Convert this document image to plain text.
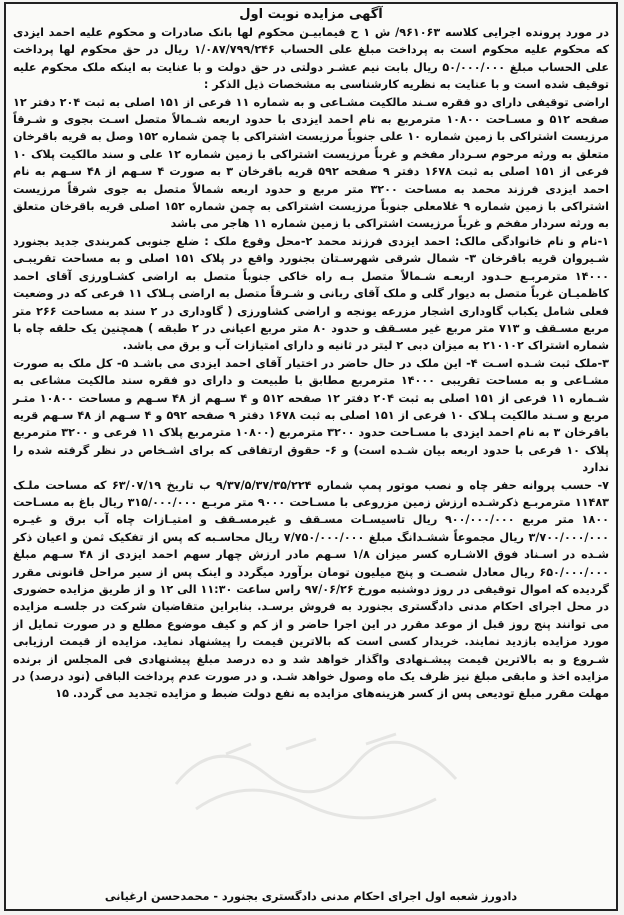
آگهی مزایده نوبت اول

در مورد پرونده اجرایی کلاسه ۹۶۱۰۶۳/ ش ۱ ح فیمابیـن محکوم لها بانک صادرات و محکوم علیه احمد ایزدی که محکوم علیه محکوم است به پرداخت مبلغ علی الحساب ۱/۰۸۷/۷۹۹/۲۴۶ ریال در حق محکوم لها پرداخت علی الحساب مبلغ ۵۰/۰۰۰/۰۰۰ ریال بابت نیم عشـر دولتی در حق دولت و با عنایت به اینکه ملک محکوم علیه توقیف شده است و با عنایت به نظریه کارشناسی به مشخصات ذیل الذکر :

اراضی توقیفی دارای دو فقره سـند مالکیت مشـاعی و به شماره ۱۱ فرعی از ۱۵۱ اصلی به ثبت ۲۰۴ دفتر ۱۲ صفحه ۵۱۲ و مسـاحت ۱۰۸۰۰ مترمربع به نام احمد ایزدی با حدود اربعه شـمالاً متصل اسـت بجوی و شـرقاً مرزیست اشتراکی با زمین شماره ۱۰ علی جنوباً مرزیست اشتراکی با چمن شماره ۱۵۲ وصل به قریه باقرخان متعلق به ورثه مرحوم سـردار مفخم و غرباً مرزیست اشتراکی با زمین شماره ۱۲ علی و سند مالکیت پلاک ۱۰ فرعی از ۱۵۱ اصلی به ثبت ۱۶۷۸ دفتر ۹ صفحه ۵۹۲ قریه باقرخان ۳ به صورت ۴ سـهم از ۴۸ سـهم به نام احمد ایزدی فرزند محمد به مساحت ۳۲۰۰ متر مربع و حدود اربعه شمالاً متصل به جوی شرقاً مرزیست اشتراکی با زمین شماره ۹ غلامعلی جنوباً مرزیست اشتراکی به چمن شماره ۱۵۲ اصلی قریه باقرخان متعلق به ورثه سردار مفخم و غرباً مرزیست اشتراکی با زمین شماره ۱۱ هاجر می باشد

۱-نام و نام خانوادگی مالک: احمد ایزدی فرزند محمد ۲-محل وقوع ملک : ضلع جنوبی کمربندی جدید بجنورد شـیروان قریه باقرخان ۳- شمال شرقی شهرسـتان بجنورد واقع در پلاک ۱۵۱ اصلی و به مساحت تقریبـی ۱۴۰۰۰ مترمربـع حـدود اربعـه شـمالاً متصل بـه راه خاکی جنوباً متصل به اراضی کشـاورزی آقای احمد کاظمیـان غرباً متصل به دیوار گلی و ملک آقای ربانی و شـرقاً متصل به اراضی پـلاک ۱۱ فرعی که در وضعیت فعلی شامل یکباب گاوداری اشجار مزرعه یونجه و اراضی کشاورزی ( گاوداری در ۲ سند به مساحت ۲۶۶ متر مربع مسـقف و ۷۱۳ متر مربع غیر مسـقف و حدود ۸۰ متر مربع اعیانی در ۲ طبقه ) همچنین یک حلقه چاه با شماره اشتراک ۲۱۰۱۰۲ به میزان دبی ۲ لیتر در ثانیه و دارای امتیازات آب و برق می باشد.

۳-ملک ثبت شـده اسـت ۴- این ملک در حال حاضر در اختیار آقای احمد ایزدی می باشـد ۵- کل ملک به صورت مشـاعی و به مساحت تقریبی ۱۴۰۰۰ مترمربع مطابق با طبیعت و دارای دو فقره سند مالکیت مشاعی به شـماره ۱۱ فرعی از ۱۵۱ اصلی به ثبت ۲۰۴ دفتر ۱۲ صفحه ۵۱۲ و ۴ سـهم از ۴۸ سـهم و مساحت ۱۰۸۰۰ متـر مربع و سـند مالکیت پـلاک ۱۰ فرعی از ۱۵۱ اصلی به ثبت ۱۶۷۸ دفتر ۹ صفحه ۵۹۲ و ۴ سـهم از ۴۸ سـهم قریه باقرخان ۳ به نام احمد ایزدی با مسـاحت حدود ۳۲۰۰ مترمربع (۱۰۸۰۰ مترمربع پلاک ۱۱ فرعی و ۳۲۰۰ مترمربع پلاک ۱۰ فرعی با حدود اربعه بیان شـده است) و ۶- حقوق ارتفاقی که برای اشـخاص در نظر گرفته شده را ندارد

۷- حسب پروانه حفر چاه و نصب موتور پمپ شماره ۹/۳۷/۵/۳۷/۳۵/۲۲۴ ب تاریخ ۶۳/۰۷/۱۹ که مساحت ملـک ۱۱۴۸۳ مترمربـع ذکرشـده ارزش زمین مزروعی با مسـاحت ۹۰۰۰ متر مربـع ۳۱۵/۰۰۰/۰۰۰ ریال باغ به مسـاحت ۱۸۰۰ متر مربع ۹۰۰/۰۰۰/۰۰۰ ریال تاسیسـات مسـقف و غیرمسـقف و امتیـازات چاه آب برق و غیـره ۳/۷۰۰/۰۰۰/۰۰۰ ریال مجموعاً ششـدانگ مبلغ ۷/۷۵۰/۰۰۰/۰۰۰ ریال محاسـبه که پس از تفکیک ثمن و اعیان ذکر شـده در اسـناد فوق الاشـاره کسر میزان ۱/۸ سـهم مادر ارزش چهار سهم احمد ایزدی از ۴۸ سـهم مبلغ ۶۵۰/۰۰۰/۰۰۰ ریال معادل شصـت و پنج میلیون تومان برآورد میگردد و اینک پس از سیر مراحل قانونی مقرر گردیده که اموال توقیفی در روز دوشنبه مورخ ۹۷/۰۶/۲۶ راس ساعت ۱۱:۳۰ الی ۱۲ و از طریق مزایده حضوری در محل اجرای احکام مدنی دادگستری بجنورد به فروش برسـد. بنابراین متقاضیان شرکت در جلسـه مزایده می توانند پنج روز قبل از موعد مقرر در این اجرا حاضر و از کم و کیف موضوع مطلع و در صورت تمایل از مورد مزایده بازدید نمایند. خریدار کسی است که بالاترین قیمت را پیشنهاد نماید. مزایده از قیمت ارزیابی شـروع و به بالاترین قیمت پیشـنهادی واگذار خواهد شد و ده درصد مبلغ پیشنهادی فی المجلس از برنده مزایده اخذ و مابقی مبلغ نیز ظرف یک ماه وصول خواهد شـد. و در صورت عدم پرداخت الباقی (نود درصد) در مهلت مقرر مبلغ تودیعی پس از کسر هزینه‌های مزایده به نفع دولت ضبط و مزایده تجدید می گردد. ۱۵

دادورز شعبه اول اجرای احکام مدنی دادگستری بجنورد - محمدحسن ارغیانی
